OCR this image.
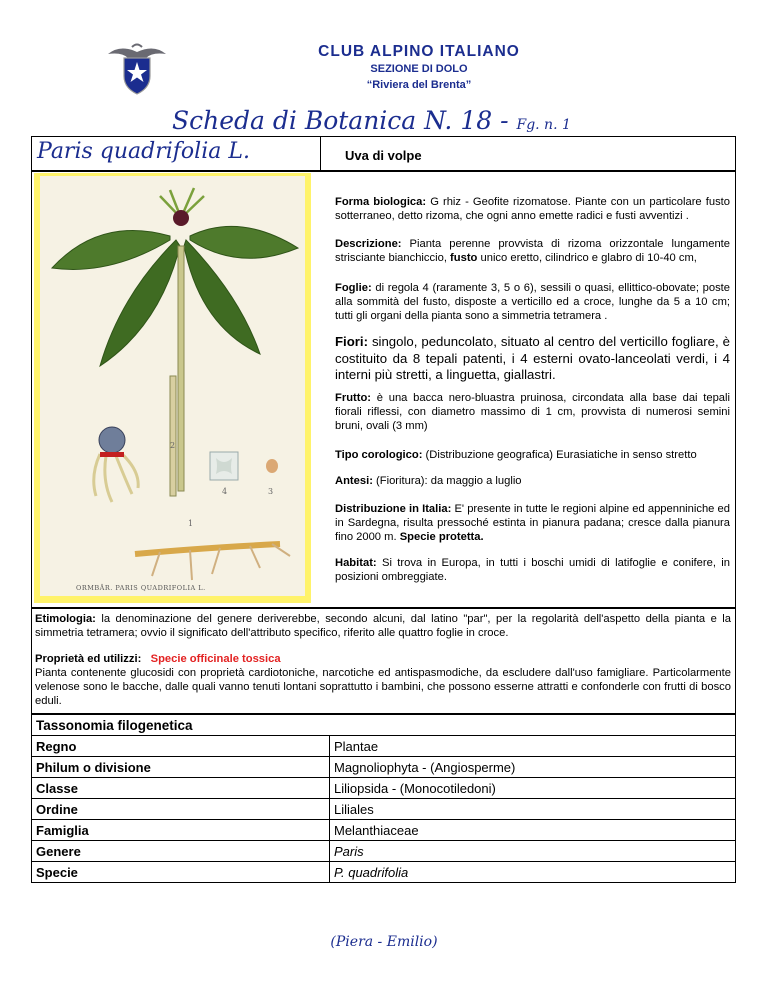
CLUB ALPINO ITALIANO
SEZIONE DI DOLO
“Riviera del Brenta”
Scheda di Botanica N. 18 - Fg. n. 1
Paris quadrifolia L.	Uva di volpe
2
4	3
1
ORMBÄR. PARIS QUADRIFOLIA L.
Forma biologica: G rhiz - Geofite rizomatose. Piante con un particolare fusto sotterraneo, detto rizoma, che ogni anno emette radici e fusti avventizi .
Descrizione: Pianta perenne provvista di rizoma orizzontale lungamente strisciante bianchiccio, fusto unico eretto, cilindrico e glabro di 10-40 cm,
Foglie: di regola 4 (raramente 3, 5 o 6), sessili o quasi, ellittico-obovate; poste alla sommità del fusto, disposte a verticillo ed a croce, lunghe da 5 a 10 cm; tutti gli organi della pianta sono a simmetria tetramera .
Fiori: singolo, peduncolato, situato al centro del verticillo fogliare, è costituito da 8 tepali patenti, i 4 esterni ovato-lanceolati verdi, i 4 interni più stretti, a linguetta, giallastri.
Frutto: è una bacca nero-bluastra pruinosa, circondata alla base dai tepali fiorali riflessi, con diametro massimo di 1 cm, provvista di numerosi semini bruni, ovali (3 mm)
Tipo corologico: (Distribuzione geografica) Eurasiatiche in senso stretto
Antesi: (Fioritura): da maggio a luglio
Distribuzione in Italia: E' presente in tutte le regioni alpine ed appenniniche ed in Sardegna, risulta pressoché estinta in pianura padana; cresce dalla pianura fino 2000 m. Specie protetta.
Habitat: Si trova in Europa, in tutti i boschi umidi di latifoglie e conifere, in posizioni ombreggiate.
Etimologia: la denominazione del genere deriverebbe, secondo alcuni, dal latino "par", per la regolarità dell'aspetto della pianta e la simmetria tetramera; ovvio il significato dell'attributo specifico, riferito alle quattro foglie in croce.
Proprietà ed utilizzi: Specie officinale tossica
Pianta contenente glucosidi con proprietà cardiotoniche, narcotiche ed antispasmodiche, da escludere dall'uso famigliare. Particolarmente velenose sono le bacche, dalle quali vanno tenuti lontani soprattutto i bambini, che possono esserne attratti e confonderle con frutti di bosco eduli.
Tassonomia filogenetica	
Regno	Plantae
Philum o divisione	Magnoliophyta - (Angiosperme)
Classe	Liliopsida - (Monocotiledoni)
Ordine	Liliales
Famiglia	Melanthiaceae
Genere	Paris
Specie	P. quadrifolia
(Piera - Emilio)
